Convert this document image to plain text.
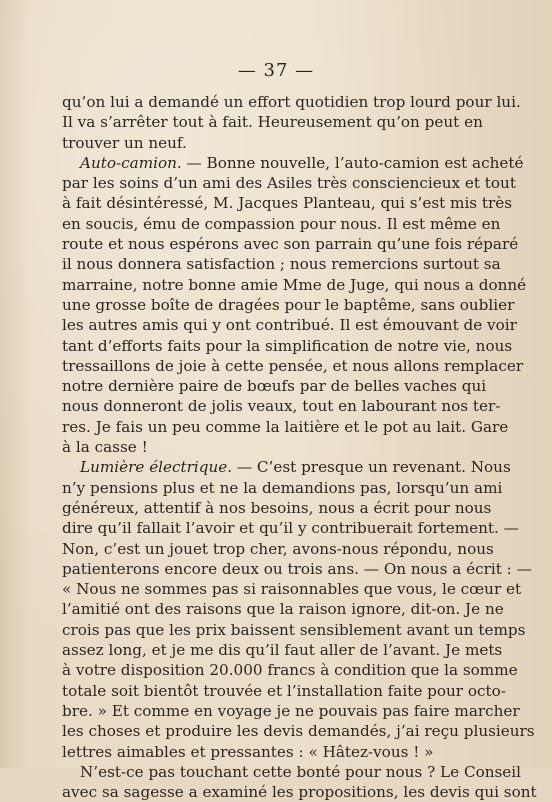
— 37 —
qu’on lui a demandé un effort quotidien trop lourd pour lui.
Il va s’arrêter tout à fait. Heureusement qu’on peut en
trouver un neuf.
Auto-camion. — Bonne nouvelle, l’auto-camion est acheté
par les soins d’un ami des Asiles très consciencieux et tout
à fait désintéressé, M. Jacques Planteau, qui s’est mis très
en soucis, ému de compassion pour nous. Il est même en
route et nous espérons avec son parrain qu’une fois réparé
il nous donnera satisfaction ; nous remercions surtout sa
marraine, notre bonne amie Mme de Juge, qui nous a donné
une grosse boîte de dragées pour le baptême, sans oublier
les autres amis qui y ont contribué. Il est émouvant de voir
tant d’efforts faits pour la simplification de notre vie, nous
tressaillons de joie à cette pensée, et nous allons remplacer
notre dernière paire de bœufs par de belles vaches qui
nous donneront de jolis veaux, tout en labourant nos ter-
res. Je fais un peu comme la laitière et le pot au lait. Gare
à la casse !
Lumière électrique. — C’est presque un revenant. Nous
n’y pensions plus et ne la demandions pas, lorsqu’un ami
généreux, attentif à nos besoins, nous a écrit pour nous
dire qu’il fallait l’avoir et qu’il y contribuerait fortement. —
Non, c’est un jouet trop cher, avons-nous répondu, nous
patienterons encore deux ou trois ans. — On nous a écrit : —
« Nous ne sommes pas si raisonnables que vous, le cœur et
l’amitié ont des raisons que la raison ignore, dit-on. Je ne
crois pas que les prix baissent sensiblement avant un temps
assez long, et je me dis qu’il faut aller de l’avant. Je mets
à votre disposition 20.000 francs à condition que la somme
totale soit bientôt trouvée et l’installation faite pour octo-
bre. » Et comme en voyage je ne pouvais pas faire marcher
les choses et produire les devis demandés, j’ai reçu plusieurs
lettres aimables et pressantes : « Hâtez-vous ! »
N’est-ce pas touchant cette bonté pour nous ? Le Conseil
avec sa sagesse a examiné les propositions, les devis qui sont
